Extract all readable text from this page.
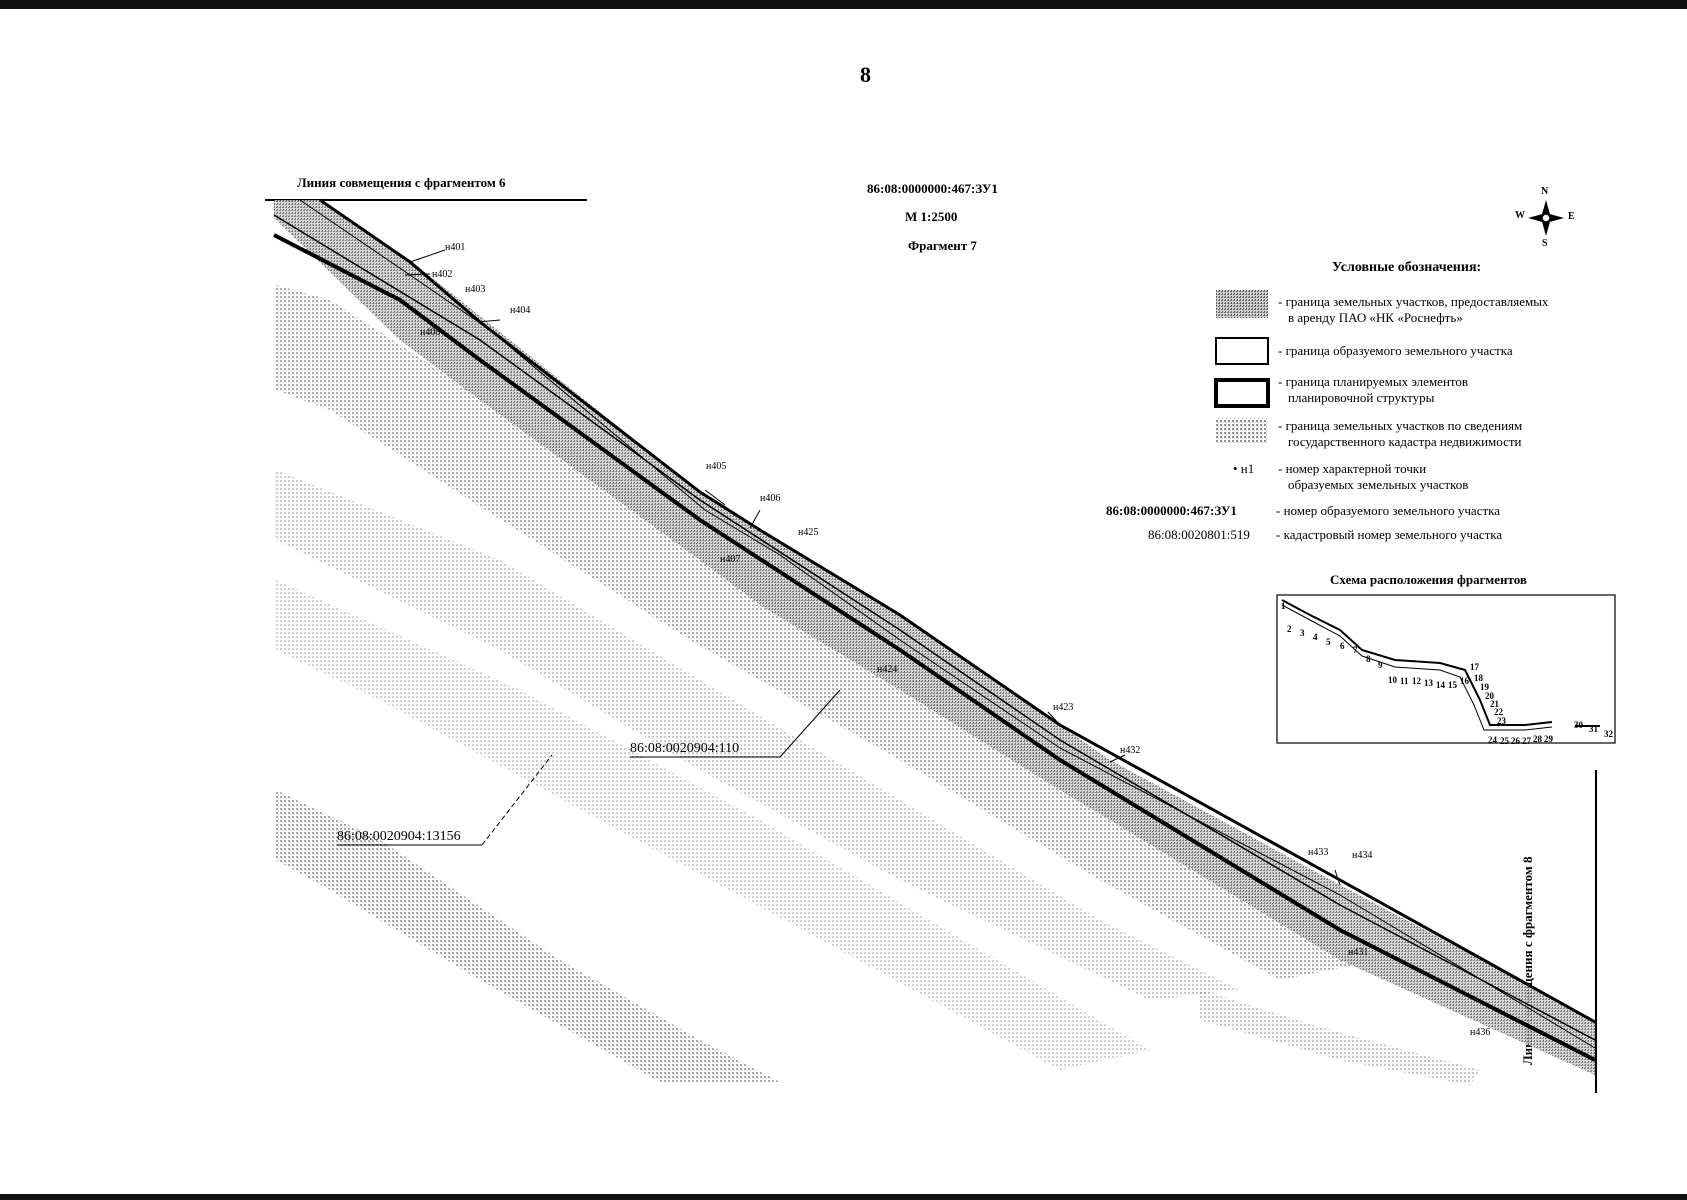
8
Линия совмещения с фрагментом 6	86:08:0000000:467:ЗУ1
М 1:2500
Фрагмент 7
Линия совмещения с фрагментом 8
н401
н402
н403
н404
н408
н405
н406
н425
н407
н424
н423
н432
н433 н434
н431
н436
N
S
W	E
Условные обозначения:
- граница земельных участков, предоставляемых
в аренду ПАО «НК «Роснефть»
- граница образуемого земельного участка
- граница планируемых элементов
планировочной структуры
- граница земельных участков по сведениям
государственного кадастра недвижимости
• н1 - номер характерной точки
образуемых земельных участков
86:08:0000000:467:ЗУ1	- номер образуемого земельного участка
86:08:0020801:519 - кадастровый номер земельного участка
Схема расположения фрагментов
1
2 3 4 5 6 7
8
9
10 11 12 13 14 15 16
17
18
19
20
21
22
23
24 25 26 27 28 29
30 31 32
86:08:0020904:110
86:08:0020904:13156
